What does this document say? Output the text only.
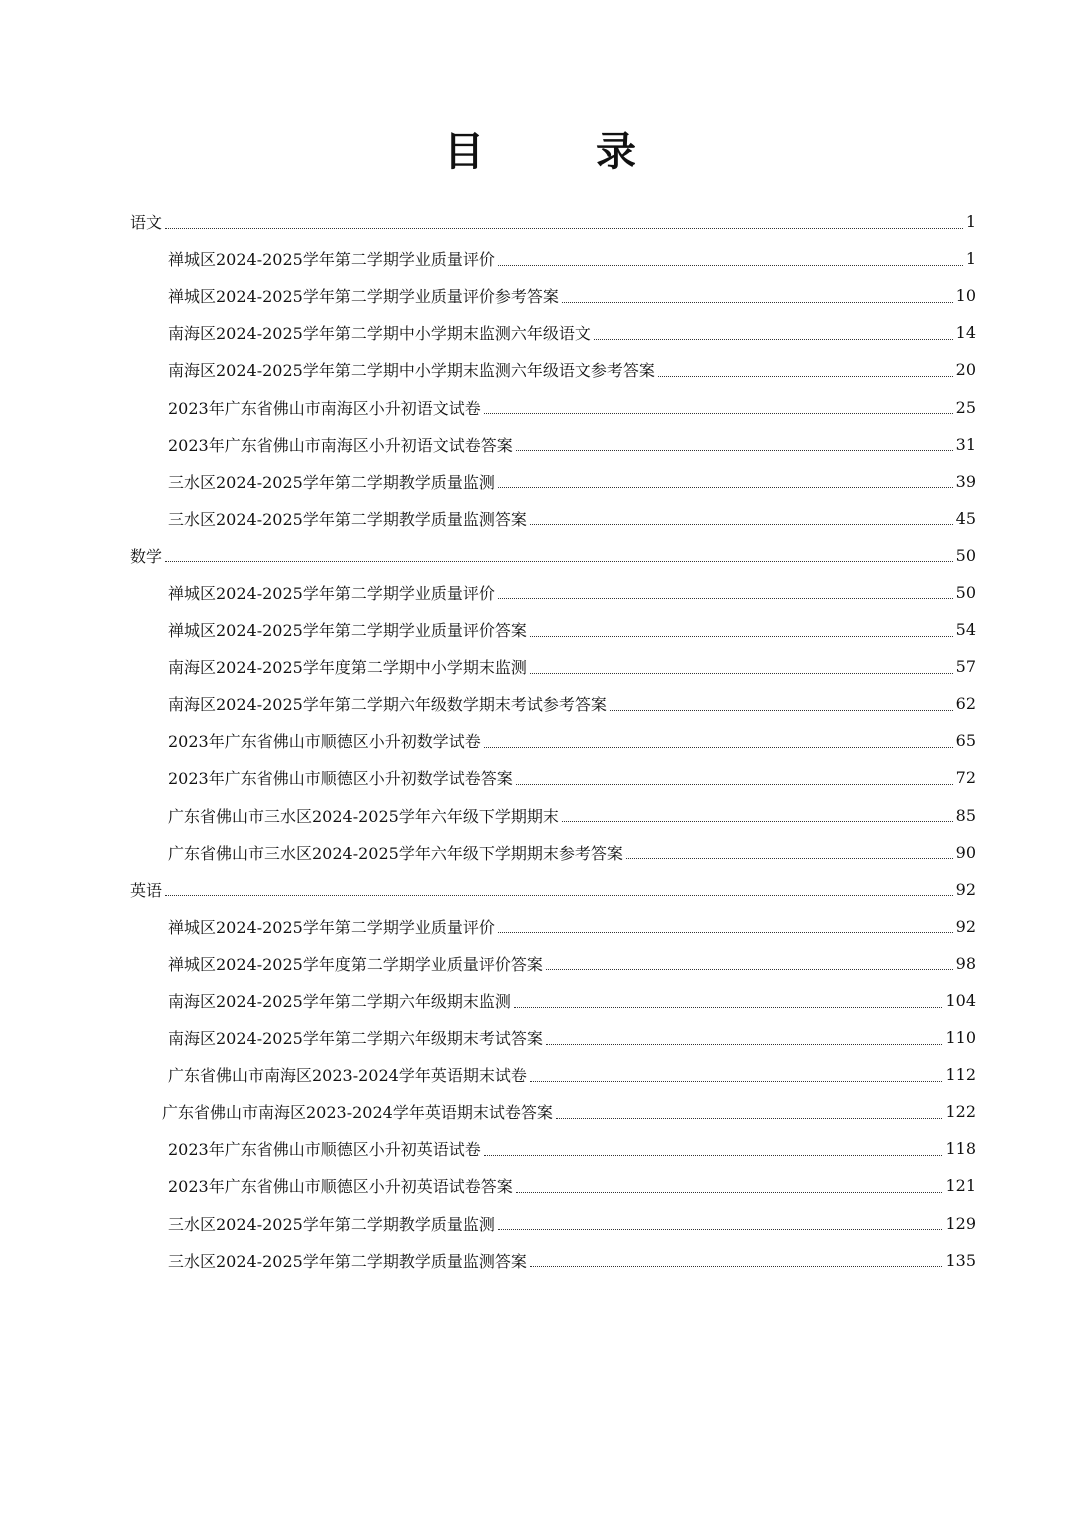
目　录
语文	1
禅城区2024-2025学年第二学期学业质量评价	1
禅城区2024-2025学年第二学期学业质量评价参考答案	10
南海区2024-2025学年第二学期中小学期末监测六年级语文	14
南海区2024-2025学年第二学期中小学期末监测六年级语文参考答案	20
2023年广东省佛山市南海区小升初语文试卷	25
2023年广东省佛山市南海区小升初语文试卷答案	31
三水区2024-2025学年第二学期教学质量监测	39
三水区2024-2025学年第二学期教学质量监测答案	45
数学	50
禅城区2024-2025学年第二学期学业质量评价	50
禅城区2024-2025学年第二学期学业质量评价答案	54
南海区2024-2025学年度第二学期中小学期末监测	57
南海区2024-2025学年第二学期六年级数学期末考试参考答案	62
2023年广东省佛山市顺德区小升初数学试卷	65
2023年广东省佛山市顺德区小升初数学试卷答案	72
广东省佛山市三水区2024-2025学年六年级下学期期末	85
广东省佛山市三水区2024-2025学年六年级下学期期末参考答案	90
英语	92
禅城区2024-2025学年第二学期学业质量评价	92
禅城区2024-2025学年度第二学期学业质量评价答案	98
南海区2024-2025学年第二学期六年级期末监测	104
南海区2024-2025学年第二学期六年级期末考试答案	110
广东省佛山市南海区2023-2024学年英语期末试卷	112
广东省佛山市南海区2023-2024学年英语期末试卷答案	122
2023年广东省佛山市顺德区小升初英语试卷	118
2023年广东省佛山市顺德区小升初英语试卷答案	121
三水区2024-2025学年第二学期教学质量监测	129
三水区2024-2025学年第二学期教学质量监测答案	135
